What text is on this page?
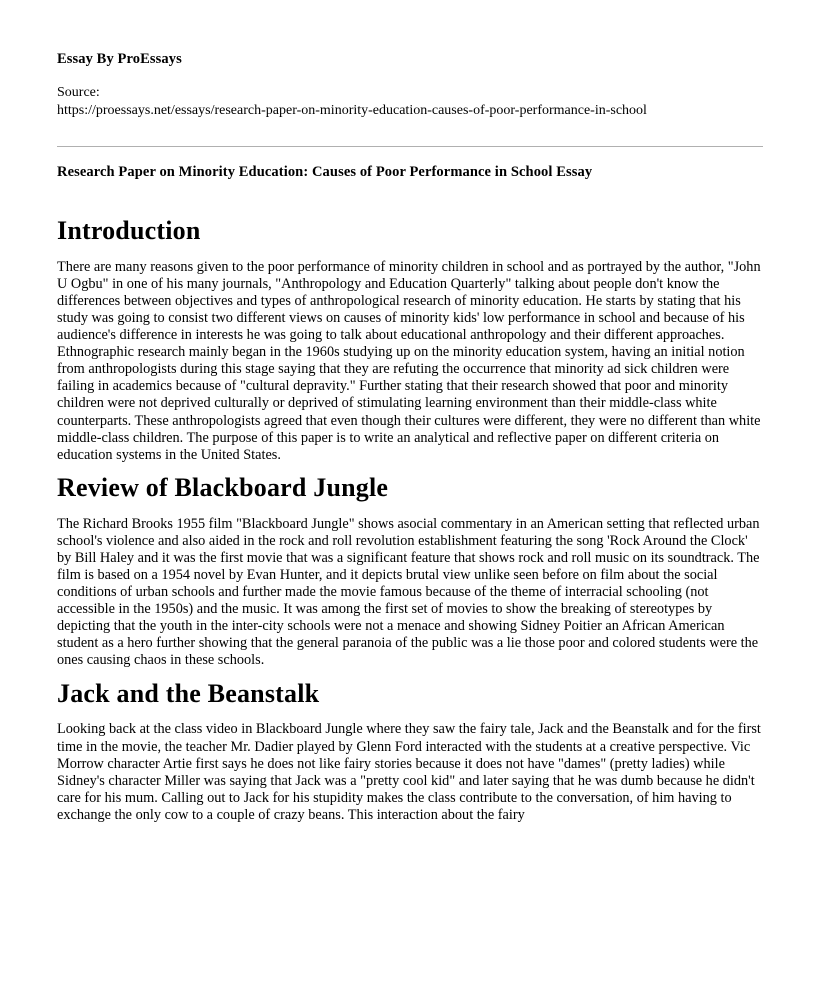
Essay By ProEssays
Source:
https://proessays.net/essays/research-paper-on-minority-education-causes-of-poor-performance-in-school
Research Paper on Minority Education: Causes of Poor Performance in School Essay
Introduction

There are many reasons given to the poor performance of minority children in school and as portrayed by the author, "John U Ogbu" in one of his many journals, "Anthropology and Education Quarterly" talking about people don't know the differences between objectives and types of anthropological research of minority education. He starts by stating that his study was going to consist two different views on causes of minority kids' low performance in school and because of his audience's difference in interests he was going to talk about educational anthropology and their different approaches. Ethnographic research mainly began in the 1960s studying up on the minority education system, having an initial notion from anthropologists during this stage saying that they are refuting the occurrence that minority ad sick children were failing in academics because of "cultural depravity." Further stating that their research showed that poor and minority children were not deprived culturally or deprived of stimulating learning environment than their middle-class white counterparts. These anthropologists agreed that even though their cultures were different, they were no different than white middle-class children. The purpose of this paper is to write an analytical and reflective paper on different criteria on education systems in the United States.

Review of Blackboard Jungle

The Richard Brooks 1955 film "Blackboard Jungle" shows asocial commentary in an American setting that reflected urban school's violence and also aided in the rock and roll revolution establishment featuring the song 'Rock Around the Clock' by Bill Haley and it was the first movie that was a significant feature that shows rock and roll music on its soundtrack. The film is based on a 1954 novel by Evan Hunter, and it depicts brutal view unlike seen before on film about the social conditions of urban schools and further made the movie famous because of the theme of interracial schooling (not accessible in the 1950s) and the music. It was among the first set of movies to show the breaking of stereotypes by depicting that the youth in the inter-city schools were not a menace and showing Sidney Poitier an African American student as a hero further showing that the general paranoia of the public was a lie those poor and colored students were the ones causing chaos in these schools.

Jack and the Beanstalk

Looking back at the class video in Blackboard Jungle where they saw the fairy tale, Jack and the Beanstalk and for the first time in the movie, the teacher Mr. Dadier played by Glenn Ford interacted with the students at a creative perspective. Vic Morrow character Artie first says he does not like fairy stories because it does not have "dames" (pretty ladies) while Sidney's character Miller was saying that Jack was a "pretty cool kid" and later saying that he was dumb because he didn't care for his mum. Calling out to Jack for his stupidity makes the class contribute to the conversation, of him having to exchange the only cow to a couple of crazy beans. This interaction about the fairy
